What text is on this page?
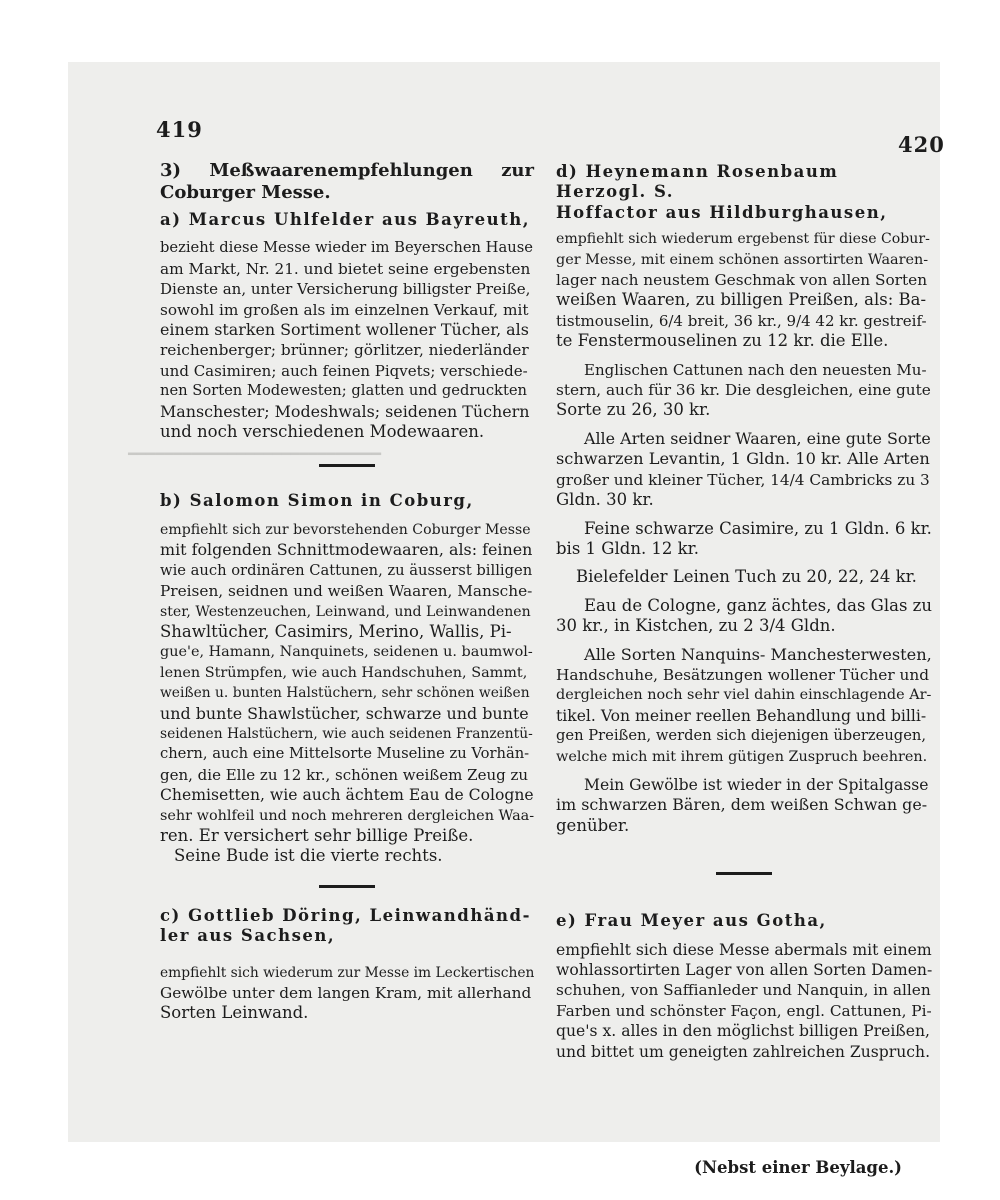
419
420
━━━━━━━━━━━━━━━━━━━━━━━━━━━━

3) Meßwaarenempfehlungen zur Coburger Messe.

a) Marcus Uhlfelder aus Bayreuth,

bezieht diese Messe wieder im Beyerschen Hause
am Markt, Nr. 21. und bietet seine ergebensten
Dienste an, unter Versicherung billigster Preiße,
sowohl im großen als im einzelnen Verkauf, mit
einem starken Sortiment wollener Tücher, als
reichenberger; brünner; görlitzer, niederländer
und Casimiren; auch feinen Piqvets; verschiede-
nen Sorten Modewesten; glatten und gedruckten
Manschester; Modeshwals; seidenen Tüchern
und noch verschiedenen Modewaaren.

b) Salomon Simon in Coburg,

empfiehlt sich zur bevorstehenden Coburger Messe
mit folgenden Schnittmodewaaren, als: feinen
wie auch ordinären Cattunen, zu äusserst billigen
Preisen, seidnen und weißen Waaren, Mansche-
ster, Westenzeuchen, Leinwand, und Leinwandenen
Shawltücher, Casimirs, Merino, Wallis, Pi-
gue'e, Hamann, Nanquinets, seidenen u. baumwol-
lenen Strümpfen, wie auch Handschuhen, Sammt,
weißen u. bunten Halstüchern, sehr schönen weißen
und bunte Shawlstücher, schwarze und bunte
seidenen Halstüchern, wie auch seidenen Franzentü-
chern, auch eine Mittelsorte Museline zu Vorhän-
gen, die Elle zu 12 kr., schönen weißem Zeug zu
Chemisetten, wie auch ächtem Eau de Cologne
sehr wohlfeil und noch mehreren dergleichen Waa-
ren. Er versichert sehr billige Preiße.
Seine Bude ist die vierte rechts.

c) Gottlieb Döring, Leinwandhänd-

ler aus Sachsen,

empfiehlt sich wiederum zur Messe im Leckertischen
Gewölbe unter dem langen Kram, mit allerhand
Sorten Leinwand.

d) Heynemann Rosenbaum Herzogl. S.

Hoffactor aus Hildburghausen,

empfiehlt sich wiederum ergebenst für diese Cobur-
ger Messe, mit einem schönen assortirten Waaren-
lager nach neustem Geschmak von allen Sorten
weißen Waaren, zu billigen Preißen, als: Ba-
tistmouselin, 6/4 breit, 36 kr., 9/4 42 kr. gestreif-
te Fenstermouselinen zu 12 kr. die Elle.
Englischen Cattunen nach den neuesten Mu-
stern, auch für 36 kr. Die desgleichen, eine gute
Sorte zu 26, 30 kr.
Alle Arten seidner Waaren, eine gute Sorte
schwarzen Levantin, 1 Gldn. 10 kr. Alle Arten
großer und kleiner Tücher, 14/4 Cambricks zu 3
Gldn. 30 kr.
Feine schwarze Casimire, zu 1 Gldn. 6 kr.
bis 1 Gldn. 12 kr.
Bielefelder Leinen Tuch zu 20, 22, 24 kr.
Eau de Cologne, ganz ächtes, das Glas zu
30 kr., in Kistchen, zu 2 3/4 Gldn.
Alle Sorten Nanquins- Manchesterwesten,
Handschuhe, Besätzungen wollener Tücher und
dergleichen noch sehr viel dahin einschlagende Ar-
tikel. Von meiner reellen Behandlung und billi-
gen Preißen, werden sich diejenigen überzeugen,
welche mich mit ihrem gütigen Zuspruch beehren.
Mein Gewölbe ist wieder in der Spitalgasse
im schwarzen Bären, dem weißen Schwan ge-
genüber.

e) Frau Meyer aus Gotha,

empfiehlt sich diese Messe abermals mit einem
wohlassortirten Lager von allen Sorten Damen-
schuhen, von Saffianleder und Nanquin, in allen
Farben und schönster Façon, engl. Cattunen, Pi-
que's x. alles in den möglichst billigen Preißen,
und bittet um geneigten zahlreichen Zuspruch.

(Nebst einer Beylage.)
